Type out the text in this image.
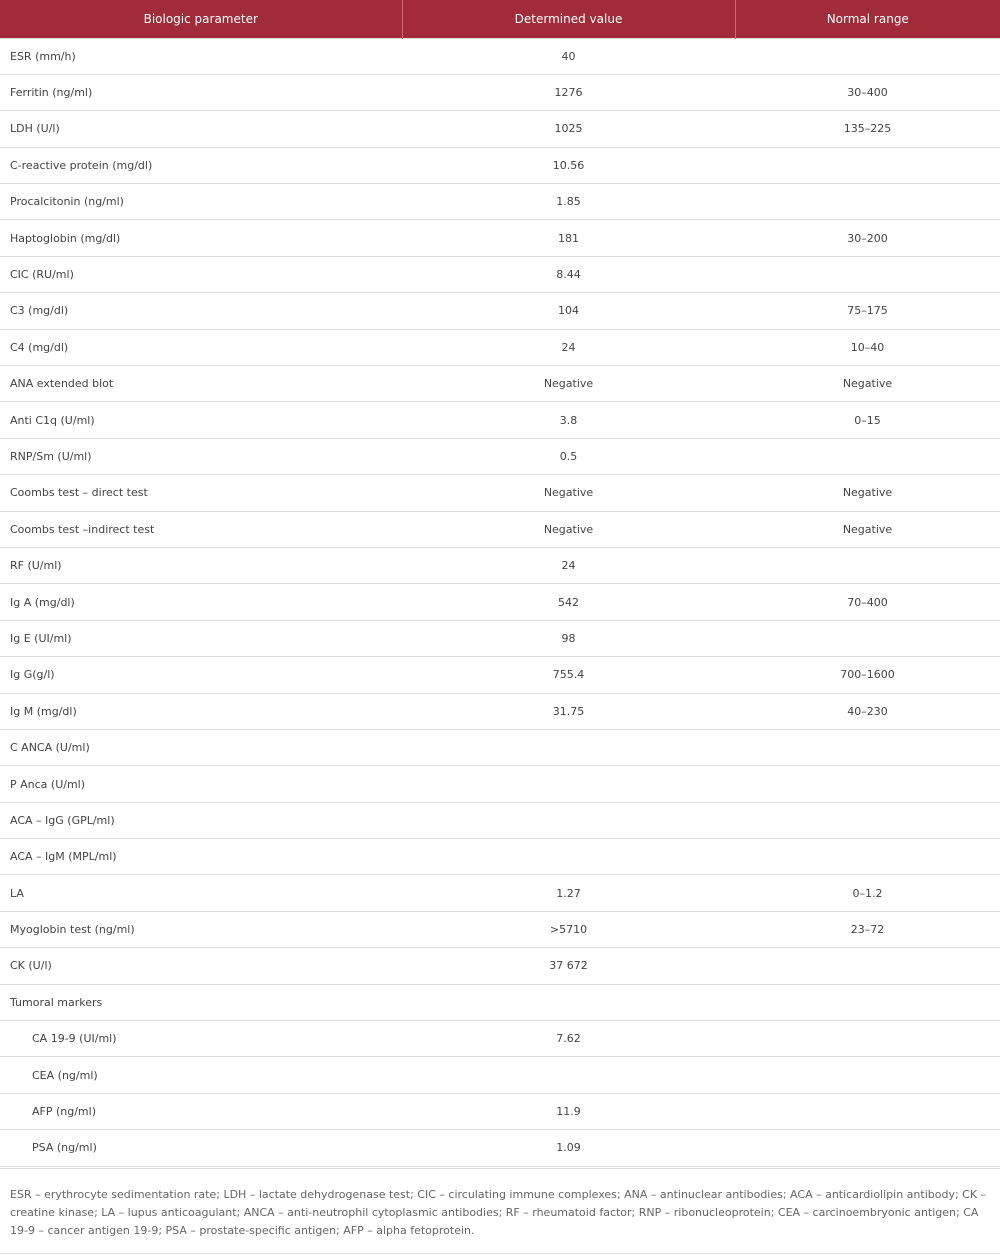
Biologic parameter	Determined value	Normal range
ESR (mm/h)	40	
Ferritin (ng/ml)	1276	30–400
LDH (U/l)	1025	135–225
C-reactive protein (mg/dl)	10.56	
Procalcitonin (ng/ml)	1.85	
Haptoglobin (mg/dl)	181	30–200
CIC (RU/ml)	8.44	
C3 (mg/dl)	104	75–175
C4 (mg/dl)	24	10–40
ANA extended blot	Negative	Negative
Anti C1q (U/ml)	3.8	0–15
RNP/Sm (U/ml)	0.5	
Coombs test – direct test	Negative	Negative
Coombs test –indirect test	Negative	Negative
RF (U/ml)	24	
Ig A (mg/dl)	542	70–400
Ig E (UI/ml)	98	
Ig G(g/l)	755.4	700–1600
Ig M (mg/dl)	31.75	40–230
C ANCA (U/ml)		
P Anca (U/ml)		
ACA – IgG (GPL/ml)		
ACA – IgM (MPL/ml)		
LA	1.27	0–1.2
Myoglobin test (ng/ml)	>5710	23–72
CK (U/l)	37 672	
Tumoral markers		
CA 19-9 (UI/ml)	7.62	
CEA (ng/ml)		
AFP (ng/ml)	11.9	
PSA (ng/ml)	1.09	
ESR – erythrocyte sedimentation rate; LDH – lactate dehydrogenase test; CIC – circulating immune complexes; ANA – antinuclear antibodies; ACA – anticardiolipin antibody; CK – creatine kinase; LA – lupus anticoagulant; ANCA – anti-neutrophil cytoplasmic antibodies; RF – rheumatoid factor; RNP – ribonucleoprotein; CEA – carcinoembryonic antigen; CA 19-9 – cancer antigen 19-9; PSA – prostate-specific antigen; AFP – alpha fetoprotein.
